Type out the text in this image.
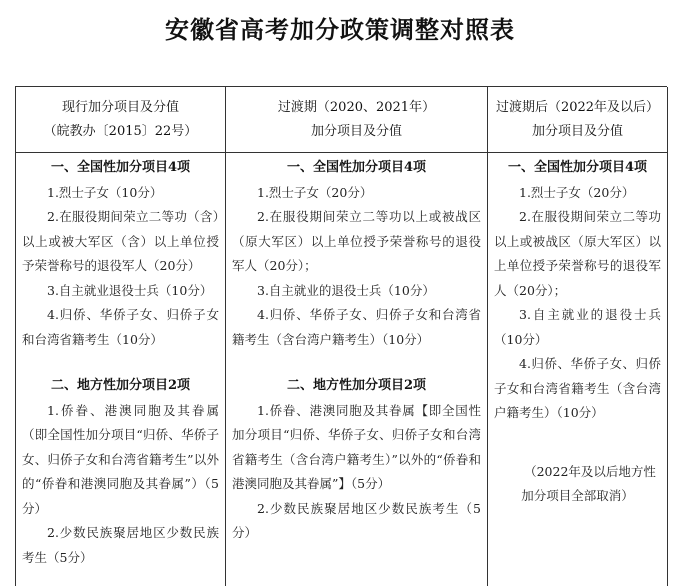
安徽省高考加分政策调整对照表
现行加分项目及分值
（皖教办〔2015〕22号）
一、全国性加分项目4项
1.烈士子女（10分）
2.在服役期间荣立二等功（含）以上或被大军区（含）以上单位授予荣誉称号的退役军人（20分）
3.自主就业退役士兵（10分）
4.归侨、华侨子女、归侨子女和台湾省籍考生（10分）
二、地方性加分项目2项
1.侨眷、港澳同胞及其眷属（即全国性加分项目“归侨、华侨子女、归侨子女和台湾省籍考生”以外的“侨眷和港澳同胞及其眷属”）（5分）
2.少数民族聚居地区少数民族考生（5分）
过渡期（2020、2021年）
加分项目及分值
一、全国性加分项目4项
1.烈士子女（20分）
2.在服役期间荣立二等功以上或被战区（原大军区）以上单位授予荣誉称号的退役军人（20分）；
3.自主就业的退役士兵（10分）
4.归侨、华侨子女、归侨子女和台湾省籍考生（含台湾户籍考生）（10分）
二、地方性加分项目2项
1.侨眷、港澳同胞及其眷属【即全国性加分项目“归侨、华侨子女、归侨子女和台湾省籍考生（含台湾户籍考生）”以外的“侨眷和港澳同胞及其眷属”】（5分）
2.少数民族聚居地区少数民族考生（5分）
过渡期后（2022年及以后）
加分项目及分值
一、全国性加分项目4项
1.烈士子女（20分）
2.在服役期间荣立二等功以上或被战区（原大军区）以上单位授予荣誉称号的退役军人（20分）；
3.自主就业的退役士兵（10分）
4.归侨、华侨子女、归侨子女和台湾省籍考生（含台湾户籍考生）（10分）
（2022年及以后地方性加分项目全部取消）
